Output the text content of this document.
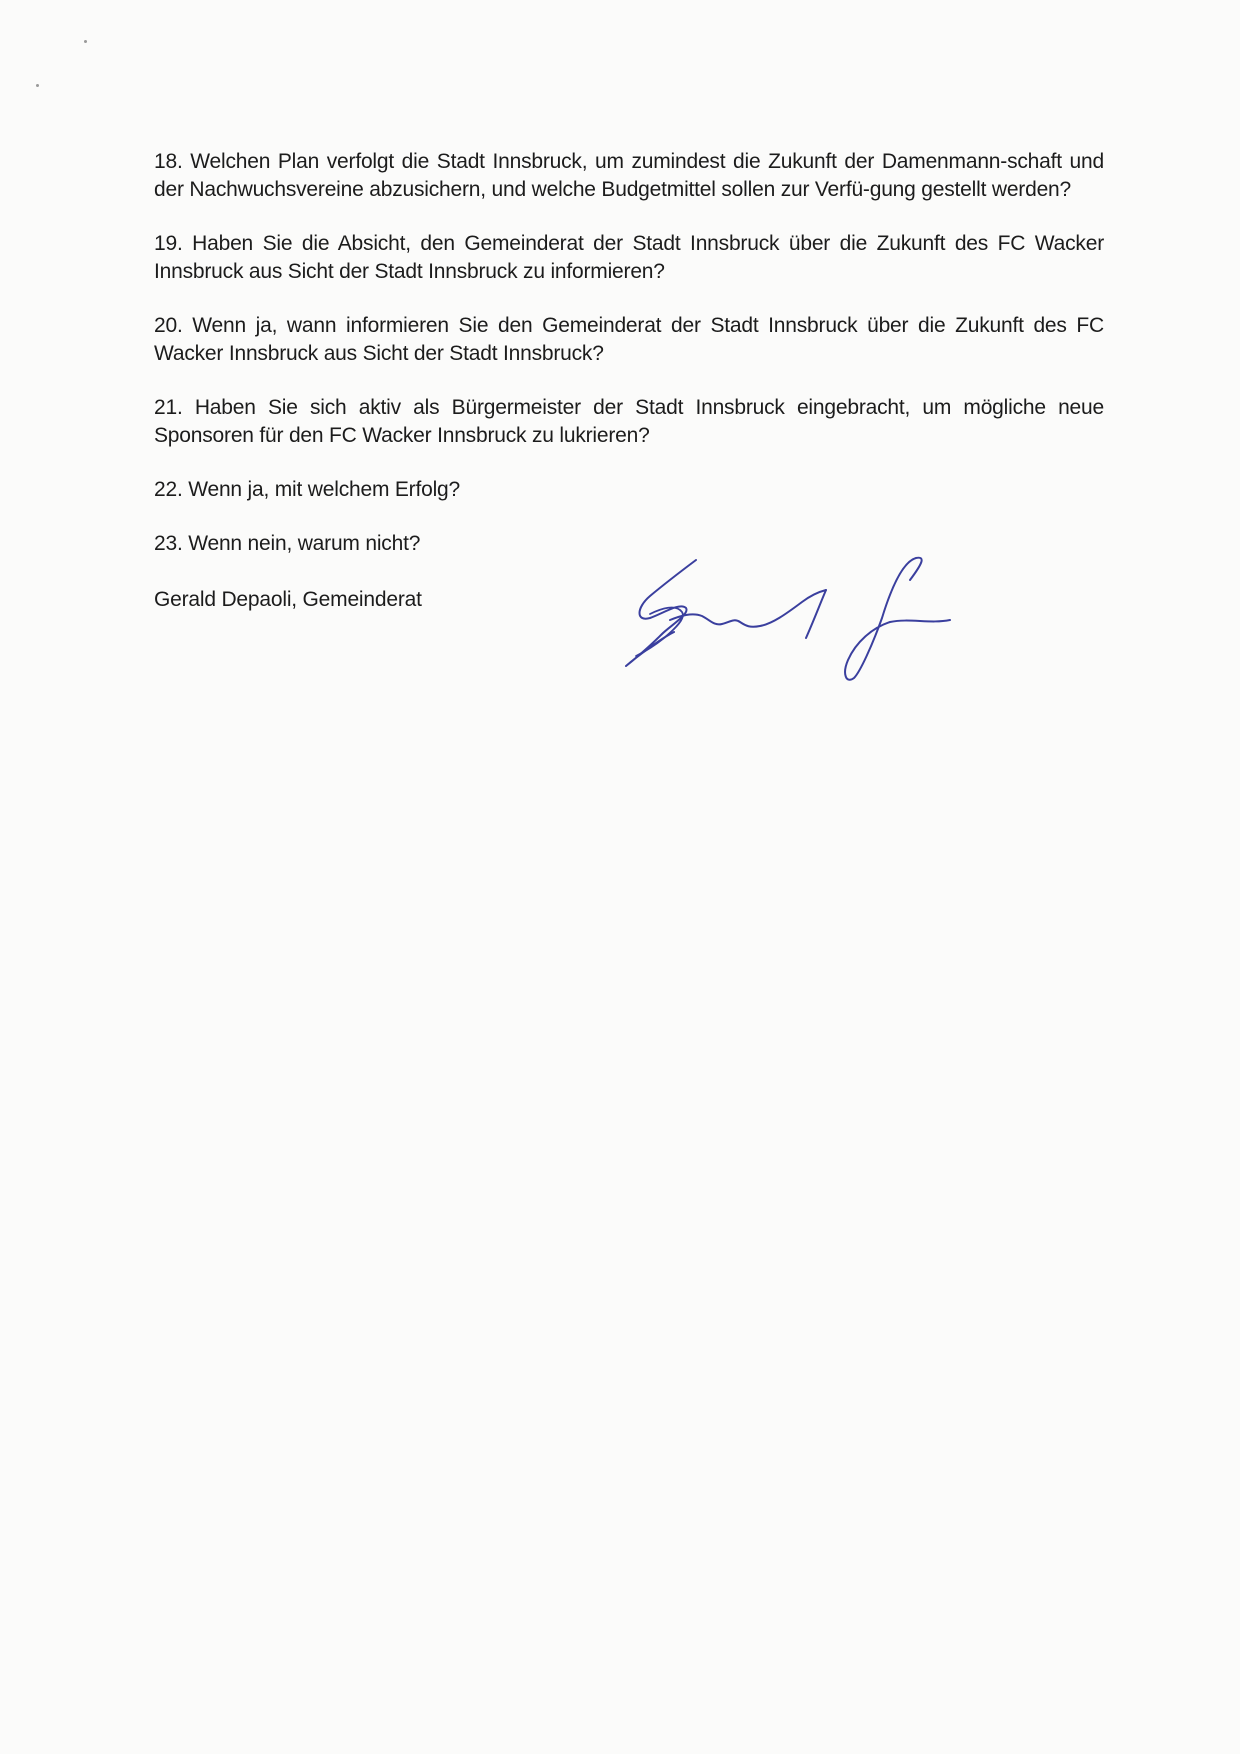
18. Welchen Plan verfolgt die Stadt Innsbruck, um zumindest die Zukunft der Damenmann-schaft und der Nachwuchsvereine abzusichern, und welche Budgetmittel sollen zur Verfü-gung gestellt werden?

19. Haben Sie die Absicht, den Gemeinderat der Stadt Innsbruck über die Zukunft des FC Wacker Innsbruck aus Sicht der Stadt Innsbruck zu informieren?

20. Wenn ja, wann informieren Sie den Gemeinderat der Stadt Innsbruck über die Zukunft des FC Wacker Innsbruck aus Sicht der Stadt Innsbruck?

21. Haben Sie sich aktiv als Bürgermeister der Stadt Innsbruck eingebracht, um mögliche neue Sponsoren für den FC Wacker Innsbruck zu lukrieren?

22. Wenn ja, mit welchem Erfolg?

23. Wenn nein, warum nicht?

Gerald Depaoli, Gemeinderat
